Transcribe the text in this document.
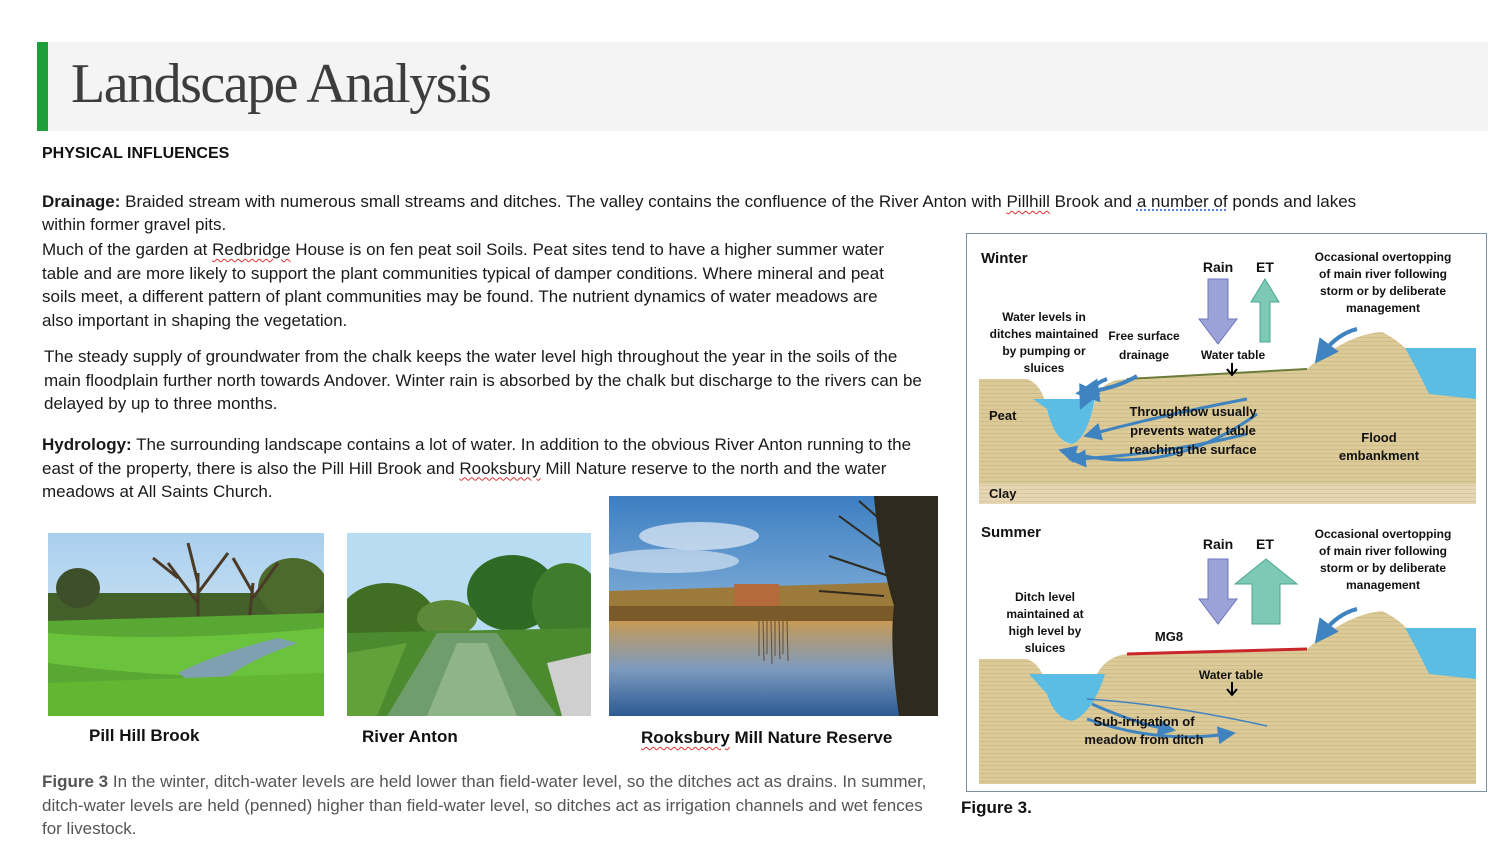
Landscape Analysis
PHYSICAL INFLUENCES
Drainage: Braided stream with numerous small streams and ditches. The valley contains the confluence of the River Anton with Pillhill Brook and a number of ponds and lakes
within former gravel pits.
Much of the garden at Redbridge House is on fen peat soil Soils. Peat sites tend to have a higher summer water table and are more likely to support the plant communities typical of damper conditions. Where mineral and peat soils meet, a different pattern of plant communities may be found. The nutrient dynamics of water meadows are also important in shaping the vegetation.
The steady supply of groundwater from the chalk keeps the water level high throughout the year in the soils of the main floodplain further north towards Andover. Winter rain is absorbed by the chalk but discharge to the rivers can be delayed by up to three months.
Hydrology: The surrounding landscape contains a lot of water. In addition to the obvious River Anton running to the east of the property, there is also the Pill Hill Brook and Rooksbury Mill Nature reserve to the north and the water meadows at All Saints Church.
Pill Hill Brook	River Anton	Rooksbury Mill Nature Reserve
Figure 3 In the winter, ditch-water levels are held lower than field-water level, so the ditches act as drains. In summer, ditch-water levels are held (penned) higher than field-water level, so ditches act as irrigation channels and wet fences for livestock.
Winter	Rain ET
Occasional overtopping
of main river following
storm or by deliberate
management
Water levels in
ditches maintained
by pumping or
sluices
Free surface
drainage	Water table
Peat	Throughflow usually
prevents water table
reaching the surface
Flood
embankment
Clay
Summer
Rain ET
Occasional overtopping
of main river following
storm or by deliberate
management
Ditch level
maintained at
high level by
sluices
MG8
Water table
Sub-irrigation of
meadow from ditch
Figure 3.
